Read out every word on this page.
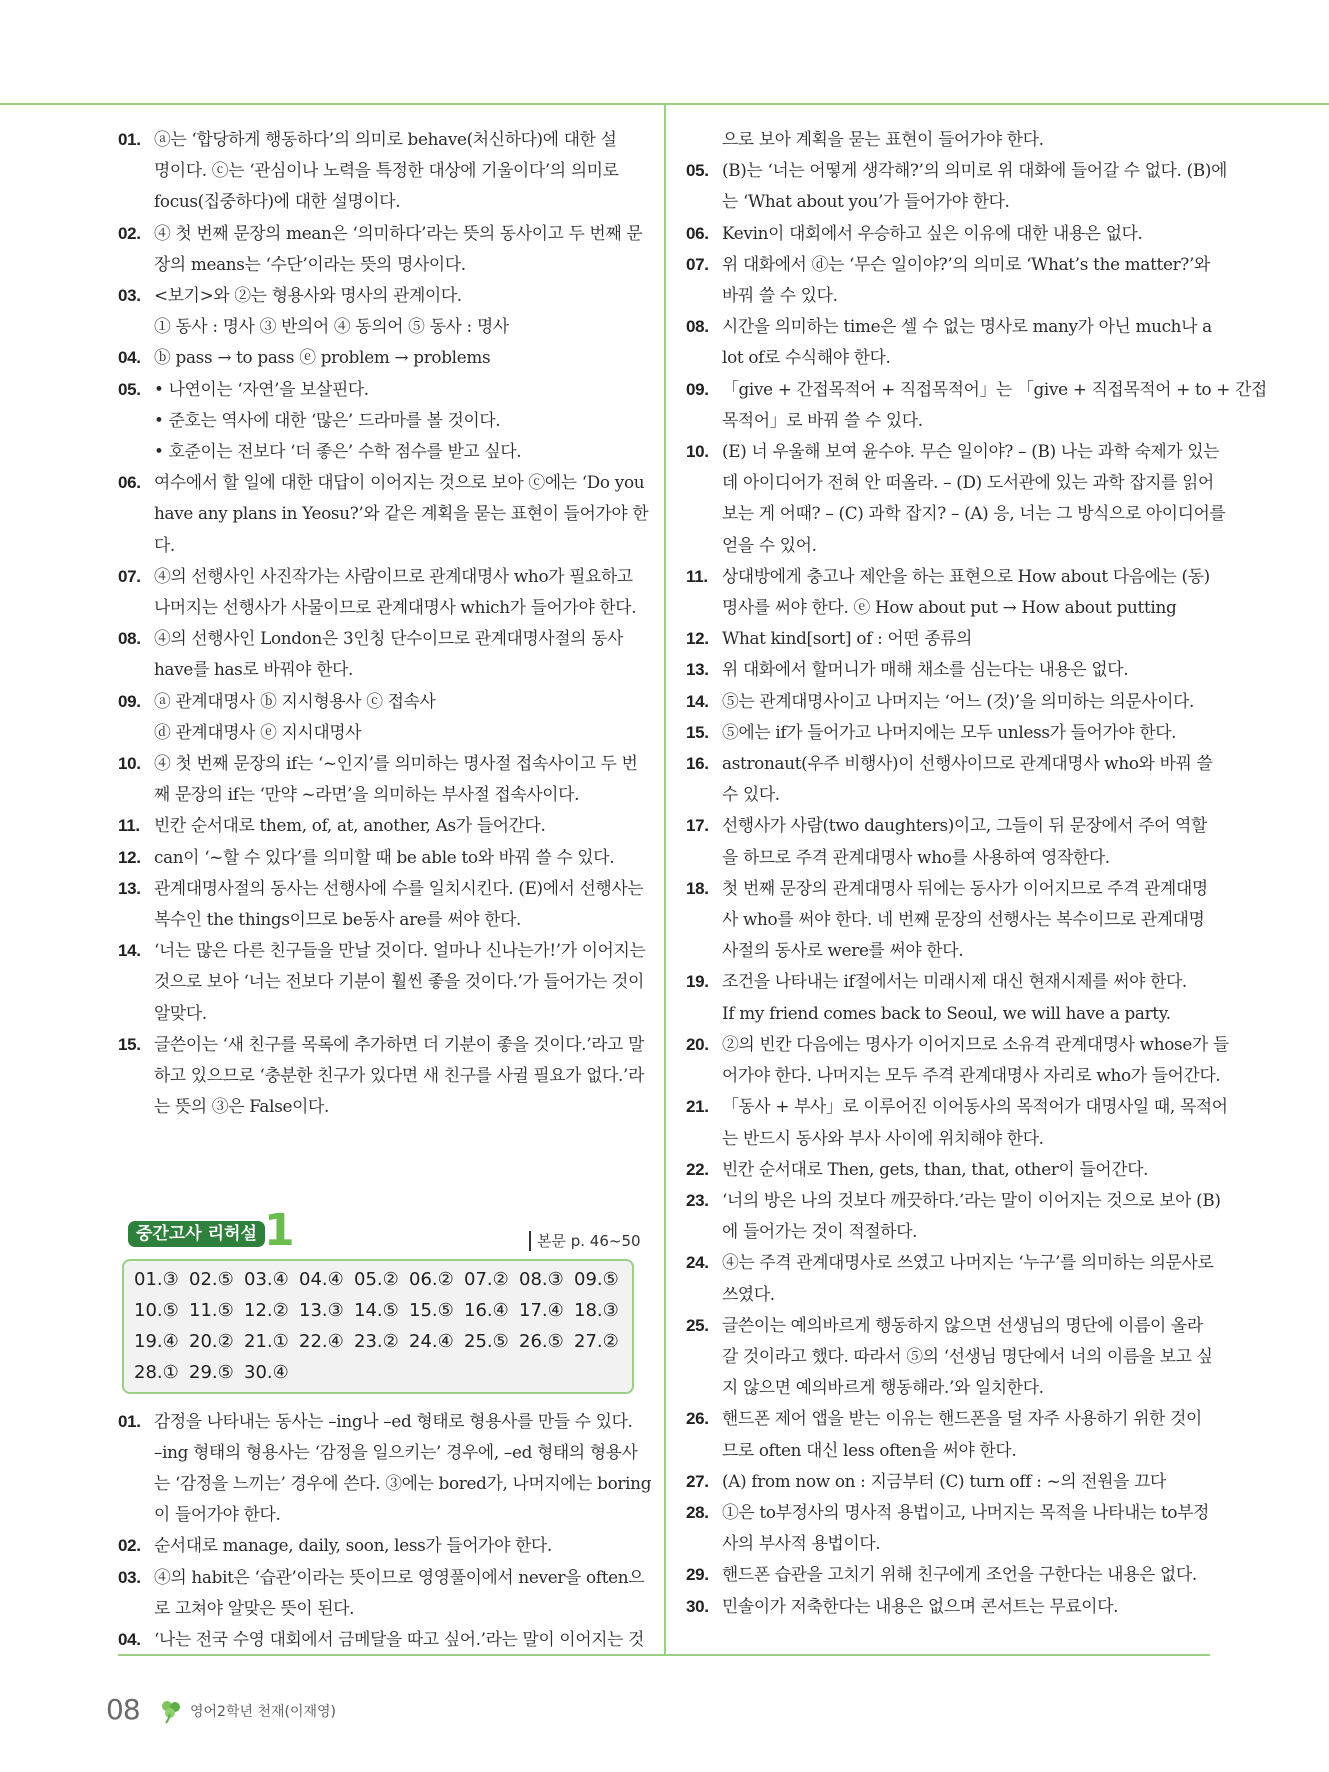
01. ⓐ는 ‘합당하게 행동하다’의 의미로 behave(처신하다)에 대한 설
명이다. ⓒ는 ‘관심이나 노력을 특정한 대상에 기울이다’의 의미로
focus(집중하다)에 대한 설명이다.
02. ④ 첫 번째 문장의 mean은 ‘의미하다’라는 뜻의 동사이고 두 번째 문
장의 means는 ‘수단’이라는 뜻의 명사이다.
03. <보기>와 ②는 형용사와 명사의 관계이다.
① 동사 : 명사 ③ 반의어 ④ 동의어 ⑤ 동사 : 명사
04. ⓑ pass → to pass ⓔ problem → problems
05. • 나연이는 ‘자연’을 보살핀다.
• 준호는 역사에 대한 ‘많은’ 드라마를 볼 것이다.
• 호준이는 전보다 ‘더 좋은’ 수학 점수를 받고 싶다.
06. 여수에서 할 일에 대한 대답이 이어지는 것으로 보아 ⓒ에는 ‘Do you
have any plans in Yeosu?’와 같은 계획을 묻는 표현이 들어가야 한
다.
07. ④의 선행사인 사진작가는 사람이므로 관계대명사 who가 필요하고
나머지는 선행사가 사물이므로 관계대명사 which가 들어가야 한다.
08. ④의 선행사인 London은 3인칭 단수이므로 관계대명사절의 동사
have를 has로 바꿔야 한다.
09. ⓐ 관계대명사 ⓑ 지시형용사 ⓒ 접속사
ⓓ 관계대명사 ⓔ 지시대명사
10. ④ 첫 번째 문장의 if는 ‘~인지’를 의미하는 명사절 접속사이고 두 번
째 문장의 if는 ‘만약 ~라면’을 의미하는 부사절 접속사이다.
11. 빈칸 순서대로 them, of, at, another, As가 들어간다.
12. can이 ‘~할 수 있다’를 의미할 때 be able to와 바꿔 쓸 수 있다.
13. 관계대명사절의 동사는 선행사에 수를 일치시킨다. (E)에서 선행사는
복수인 the things이므로 be동사 are를 써야 한다.
14. ‘너는 많은 다른 친구들을 만날 것이다. 얼마나 신나는가!’가 이어지는
것으로 보아 ‘너는 전보다 기분이 훨씬 좋을 것이다.’가 들어가는 것이
알맞다.
15. 글쓴이는 ‘새 친구를 목록에 추가하면 더 기분이 좋을 것이다.’라고 말
하고 있으므로 ‘충분한 친구가 있다면 새 친구를 사귈 필요가 없다.’라
는 뜻의 ③은 False이다.
중간고사 리허설 1	본문 p. 46~50
01.③ 02.⑤ 03.④ 04.④ 05.② 06.② 07.② 08.③ 09.⑤
10.⑤ 11.⑤ 12.② 13.③ 14.⑤ 15.⑤ 16.④ 17.④ 18.③
19.④ 20.② 21.① 22.④ 23.② 24.④ 25.⑤ 26.⑤ 27.②
28.① 29.⑤ 30.④
01. 감정을 나타내는 동사는 –ing나 –ed 형태로 형용사를 만들 수 있다.
–ing 형태의 형용사는 ‘감정을 일으키는’ 경우에, –ed 형태의 형용사
는 ‘감정을 느끼는’ 경우에 쓴다. ③에는 bored가, 나머지에는 boring
이 들어가야 한다.
02. 순서대로 manage, daily, soon, less가 들어가야 한다.
03. ④의 habit은 ‘습관’이라는 뜻이므로 영영풀이에서 never을 often으
로 고쳐야 알맞은 뜻이 된다.
04. ‘나는 전국 수영 대회에서 금메달을 따고 싶어.’라는 말이 이어지는 것
으로 보아 계획을 묻는 표현이 들어가야 한다.
05. (B)는 ‘너는 어떻게 생각해?’의 의미로 위 대화에 들어갈 수 없다. (B)에
는 ‘What about you’가 들어가야 한다.
06. Kevin이 대회에서 우승하고 싶은 이유에 대한 내용은 없다.
07. 위 대화에서 ⓓ는 ‘무슨 일이야?’의 의미로 ‘What’s the matter?’와
바꿔 쓸 수 있다.
08. 시간을 의미하는 time은 셀 수 없는 명사로 many가 아닌 much나 a
lot of로 수식해야 한다.
09. 「give + 간접목적어 + 직접목적어」는 「give + 직접목적어 + to + 간접
목적어」로 바꿔 쓸 수 있다.
10. (E) 너 우울해 보여 윤수야. 무슨 일이야? – (B) 나는 과학 숙제가 있는
데 아이디어가 전혀 안 떠올라. – (D) 도서관에 있는 과학 잡지를 읽어
보는 게 어때? – (C) 과학 잡지? – (A) 응, 너는 그 방식으로 아이디어를
얻을 수 있어.
11. 상대방에게 충고나 제안을 하는 표현으로 How about 다음에는 (동)
명사를 써야 한다. ⓔ How about put → How about putting
12. What kind[sort] of : 어떤 종류의
13. 위 대화에서 할머니가 매해 채소를 심는다는 내용은 없다.
14. ⑤는 관계대명사이고 나머지는 ‘어느 (것)’을 의미하는 의문사이다.
15. ⑤에는 if가 들어가고 나머지에는 모두 unless가 들어가야 한다.
16. astronaut(우주 비행사)이 선행사이므로 관계대명사 who와 바꿔 쓸
수 있다.
17. 선행사가 사람(two daughters)이고, 그들이 뒤 문장에서 주어 역할
을 하므로 주격 관계대명사 who를 사용하여 영작한다.
18. 첫 번째 문장의 관계대명사 뒤에는 동사가 이어지므로 주격 관계대명
사 who를 써야 한다. 네 번째 문장의 선행사는 복수이므로 관계대명
사절의 동사로 were를 써야 한다.
19. 조건을 나타내는 if절에서는 미래시제 대신 현재시제를 써야 한다.
If my friend comes back to Seoul, we will have a party.
20. ②의 빈칸 다음에는 명사가 이어지므로 소유격 관계대명사 whose가 들
어가야 한다. 나머지는 모두 주격 관계대명사 자리로 who가 들어간다.
21. 「동사 + 부사」로 이루어진 이어동사의 목적어가 대명사일 때, 목적어
는 반드시 동사와 부사 사이에 위치해야 한다.
22. 빈칸 순서대로 Then, gets, than, that, other이 들어간다.
23. ‘너의 방은 나의 것보다 깨끗하다.’라는 말이 이어지는 것으로 보아 (B)
에 들어가는 것이 적절하다.
24. ④는 주격 관계대명사로 쓰였고 나머지는 ‘누구’를 의미하는 의문사로
쓰였다.
25. 글쓴이는 예의바르게 행동하지 않으면 선생님의 명단에 이름이 올라
갈 것이라고 했다. 따라서 ⑤의 ‘선생님 명단에서 너의 이름을 보고 싶
지 않으면 예의바르게 행동해라.’와 일치한다.
26. 핸드폰 제어 앱을 받는 이유는 핸드폰을 덜 자주 사용하기 위한 것이
므로 often 대신 less often을 써야 한다.
27. (A) from now on : 지금부터 (C) turn off : ~의 전원을 끄다
28. ①은 to부정사의 명사적 용법이고, 나머지는 목적을 나타내는 to부정
사의 부사적 용법이다.
29. 핸드폰 습관을 고치기 위해 친구에게 조언을 구한다는 내용은 없다.
30. 민솔이가 저축한다는 내용은 없으며 콘서트는 무료이다.
08	영어2학년 천재(이재영)
